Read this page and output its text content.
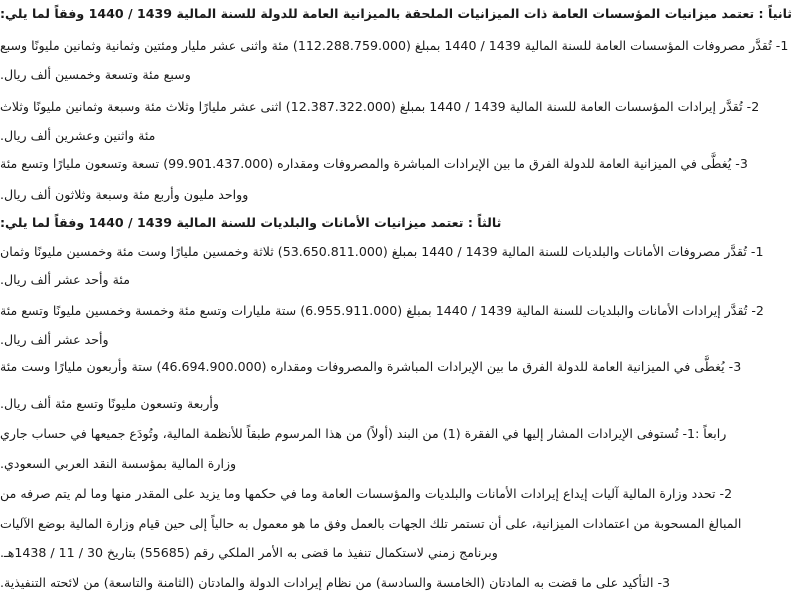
ثانياً : تعتمد ميزانيات المؤسسات العامة ذات الميزانيات الملحقة بالميزانية العامة للدولة للسنة المالية 1439 / 1440 وفقاً لما يلي:
1- تُقدَّر مصروفات المؤسسات العامة للسنة المالية 1439 / 1440 بمبلغ (112.288.759.000) مئة واثنى عشر مليار ومئتين وثمانية وثمانين مليونًا وسبع
وسبع مئة وتسعة وخمسين ألف ريال.
2- تُقدَّر إيرادات المؤسسات العامة للسنة المالية 1439 / 1440 بمبلغ (12.387.322.000) اثنى عشر مليارًا وثلاث مئة وسبعة وثمانين مليونًا وثلاث
مئة واثنين وعشرين ألف ريال.
3- يُغطَّى في الميزانية العامة للدولة الفرق ما بين الإيرادات المباشرة والمصروفات ومقداره (99.901.437.000) تسعة وتسعون مليارًا وتسع مئة
وواحد مليون وأربع مئة وسبعة وثلاثون ألف ريال.
ثالثاً : تعتمد ميزانيات الأمانات والبلديات للسنة المالية 1439 / 1440 وفقاً لما يلي:
1- تُقدَّر مصروفات الأمانات والبلديات للسنة المالية 1439 / 1440 بمبلغ (53.650.811.000) ثلاثة وخمسين مليارًا وست مئة وخمسين مليونًا وثمان
مئة وأحد عشر ألف ريال.
2- تُقدَّر إيرادات الأمانات والبلديات للسنة المالية 1439 / 1440 بمبلغ (6.955.911.000) ستة مليارات وتسع مئة وخمسة وخمسين مليونًا وتسع مئة
وأحد عشر ألف ريال.
3- يُغطَّى في الميزانية العامة للدولة الفرق ما بين الإيرادات المباشرة والمصروفات ومقداره (46.694.900.000) ستة وأربعون مليارًا وست مئة
وأربعة وتسعون مليونًا وتسع مئة ألف ريال.
رابعاً :1- تُستوفى الإيرادات المشار إليها في الفقرة (1) من البند (أولاً) من هذا المرسوم طبقاً للأنظمة المالية، وتُودَع جميعها في حساب جاري
وزارة المالية بمؤسسة النقد العربي السعودي.
2- تحدد وزارة المالية آليات إيداع إيرادات الأمانات والبلديات والمؤسسات العامة وما في حكمها وما يزيد على المقدر منها وما لم يتم صرفه من
المبالغ المسحوبة من اعتمادات الميزانية، على أن تستمر تلك الجهات بالعمل وفق ما هو معمول به حالياً إلى حين قيام وزارة المالية بوضع الآليات
وبرنامج زمني لاستكمال تنفيذ ما قضى به الأمر الملكي رقم (55685) بتاريخ 30 / 11 / 1438هـ.
3- التأكيد على ما قضت به المادتان (الخامسة والسادسة) من نظام إيرادات الدولة والمادتان (الثامنة والتاسعة) من لائحته التنفيذية.
